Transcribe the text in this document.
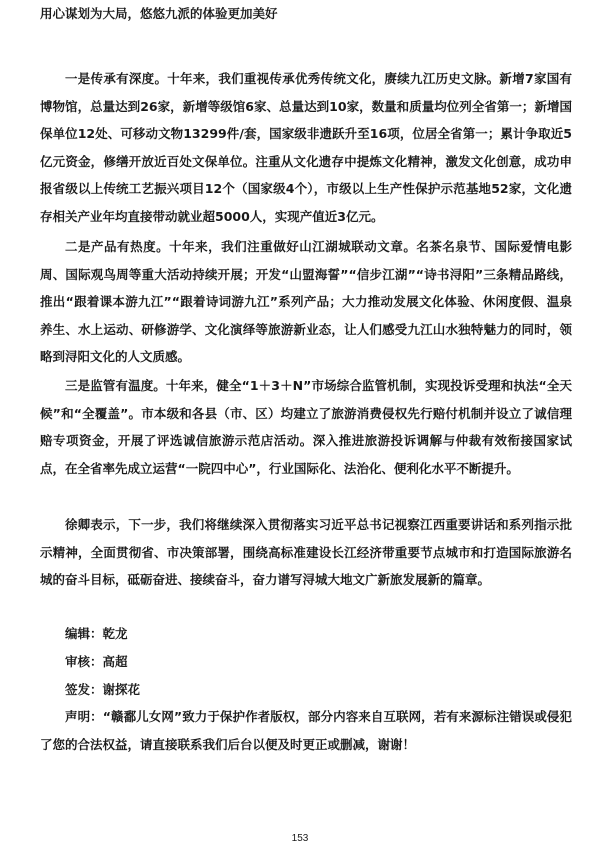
用心谋划为大局，悠悠九派的体验更加美好

一是传承有深度。十年来，我们重视传承优秀传统文化，赓续九江历史文脉。新增7家国有博物馆，总量达到26家，新增等级馆6家、总量达到10家，数量和质量均位列全省第一；新增国保单位12处、可移动文物13299件/套，国家级非遗跃升至16项，位居全省第一；累计争取近5亿元资金，修缮开放近百处文保单位。注重从文化遗存中提炼文化精神，激发文化创意，成功申报省级以上传统工艺振兴项目12个（国家级4个），市级以上生产性保护示范基地52家，文化遗存相关产业年均直接带动就业超5000人，实现产值近3亿元。

二是产品有热度。十年来，我们注重做好山江湖城联动文章。名茶名泉节、国际爱情电影周、国际观鸟周等重大活动持续开展；开发“山盟海誓”“信步江湖”“诗书浔阳”三条精品路线，推出“跟着课本游九江”“跟着诗词游九江”系列产品；大力推动发展文化体验、休闲度假、温泉养生、水上运动、研修游学、文化演绎等旅游新业态，让人们感受九江山水独特魅力的同时，领略到浔阳文化的人文质感。

三是监管有温度。十年来，健全“1＋3＋N”市场综合监管机制，实现投诉受理和执法“全天候”和“全覆盖”。市本级和各县（市、区）均建立了旅游消费侵权先行赔付机制并设立了诚信理赔专项资金，开展了评选诚信旅游示范店活动。深入推进旅游投诉调解与仲裁有效衔接国家试点，在全省率先成立运营“一院四中心”，行业国际化、法治化、便利化水平不断提升。

徐卿表示，下一步，我们将继续深入贯彻落实习近平总书记视察江西重要讲话和系列指示批示精神，全面贯彻省、市决策部署，围绕高标准建设长江经济带重要节点城市和打造国际旅游名城的奋斗目标，砥砺奋进、接续奋斗，奋力谱写浔城大地文广新旅发展新的篇章。

编辑：乾龙
审核：高超
签发：谢探花

声明：“赣鄱儿女网”致力于保护作者版权，部分内容来自互联网，若有来源标注错误或侵犯了您的合法权益，请直接联系我们后台以便及时更正或删减，谢谢！

153
